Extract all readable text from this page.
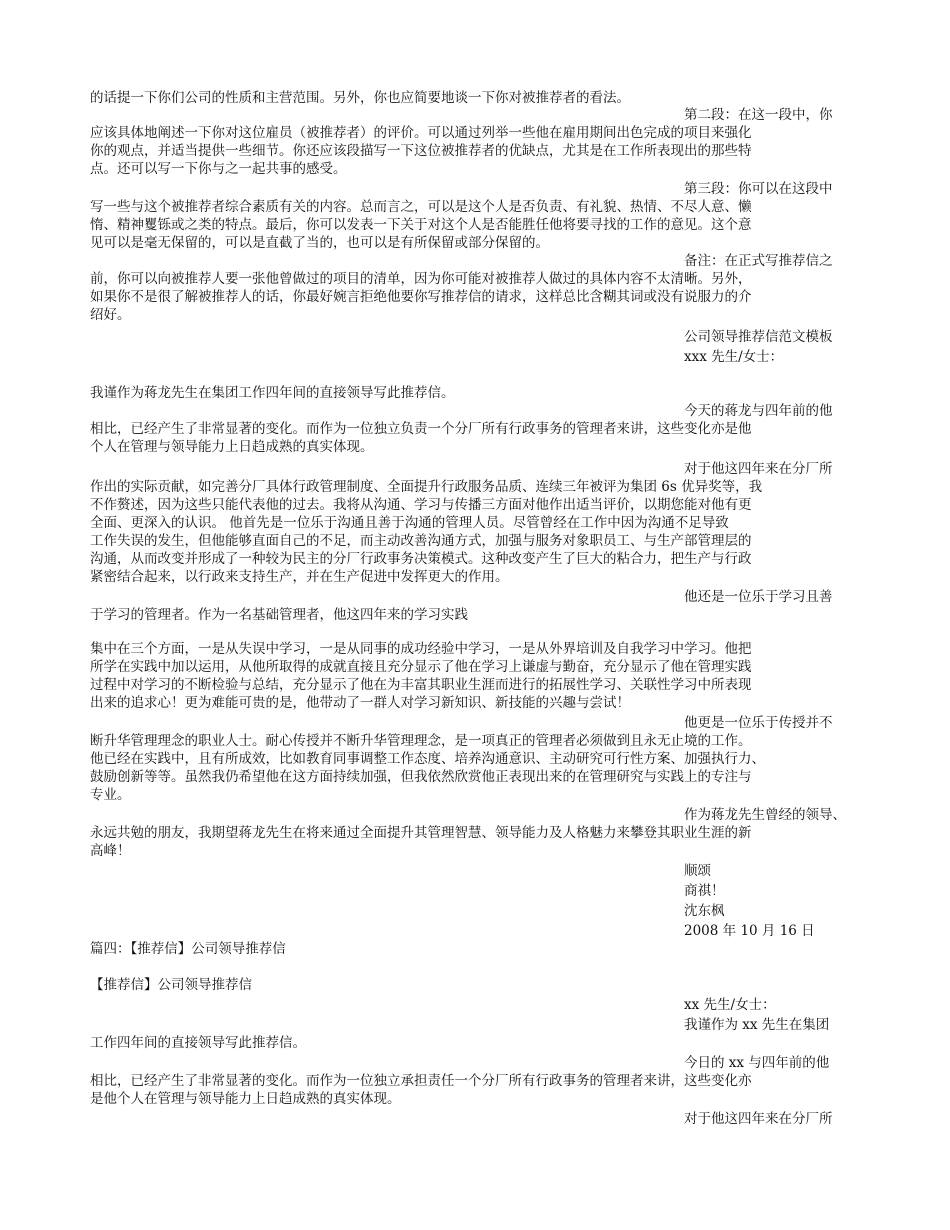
的话提一下你们公司的性质和主营范围。另外，你也应简要地谈一下你对被推荐者的看法。
第二段：在这一段中，你
应该具体地阐述一下你对这位雇员（被推荐者）的评价。可以通过列举一些他在雇用期间出色完成的项目来强化
你的观点，并适当提供一些细节。你还应该段描写一下这位被推荐者的优缺点，尤其是在工作所表现出的那些特
点。还可以写一下你与之一起共事的感受。
第三段：你可以在这段中
写一些与这个被推荐者综合素质有关的内容。总而言之，可以是这个人是否负责、有礼貌、热情、不尽人意、懒
惰、精神矍铄或之类的特点。最后，你可以发表一下关于对这个人是否能胜任他将要寻找的工作的意见。这个意
见可以是毫无保留的，可以是直截了当的，也可以是有所保留或部分保留的。
备注：在正式写推荐信之
前，你可以向被推荐人要一张他曾做过的项目的清单，因为你可能对被推荐人做过的具体内容不太清晰。另外，
如果你不是很了解被推荐人的话，你最好婉言拒绝他要你写推荐信的请求，这样总比含糊其词或没有说服力的介
绍好。
公司领导推荐信范文模板
xxx 先生/女士：
我谨作为蒋龙先生在集团工作四年间的直接领导写此推荐信。
今天的蒋龙与四年前的他
相比，已经产生了非常显著的变化。而作为一位独立负责一个分厂所有行政事务的管理者来讲，这些变化亦是他
个人在管理与领导能力上日趋成熟的真实体现。
对于他这四年来在分厂所
作出的实际贡献，如完善分厂具体行政管理制度、全面提升行政服务品质、连续三年被评为集团 6s 优异奖等，我
不作赘述，因为这些只能代表他的过去。我将从沟通、学习与传播三方面对他作出适当评价，以期您能对他有更
全面、更深入的认识。 他首先是一位乐于沟通且善于沟通的管理人员。尽管曾经在工作中因为沟通不足导致
工作失误的发生，但他能够直面自己的不足，而主动改善沟通方式，加强与服务对象职员工、与生产部管理层的
沟通，从而改变并形成了一种较为民主的分厂行政事务决策模式。这种改变产生了巨大的粘合力，把生产与行政
紧密结合起来，以行政来支持生产，并在生产促进中发挥更大的作用。
他还是一位乐于学习且善
于学习的管理者。作为一名基础管理者，他这四年来的学习实践
集中在三个方面，一是从失误中学习，一是从同事的成功经验中学习，一是从外界培训及自我学习中学习。他把
所学在实践中加以运用，从他所取得的成就直接且充分显示了他在学习上谦虚与勤奋，充分显示了他在管理实践
过程中对学习的不断检验与总结，充分显示了他在为丰富其职业生涯而进行的拓展性学习、关联性学习中所表现
出来的追求心！更为难能可贵的是，他带动了一群人对学习新知识、新技能的兴趣与尝试！
他更是一位乐于传授并不
断升华管理理念的职业人士。耐心传授并不断升华管理理念，是一项真正的管理者必须做到且永无止境的工作。
他已经在实践中，且有所成效，比如教育同事调整工作态度、培养沟通意识、主动研究可行性方案、加强执行力、
鼓励创新等等。虽然我仍希望他在这方面持续加强，但我依然欣赏他正表现出来的在管理研究与实践上的专注与
专业。
作为蒋龙先生曾经的领导、
永远共勉的朋友，我期望蒋龙先生在将来通过全面提升其管理智慧、领导能力及人格魅力来攀登其职业生涯的新
高峰！
顺颂
商祺！
沈东枫
2008 年 10 月 16 日
篇四：【推荐信】公司领导推荐信
【推荐信】公司领导推荐信
xx 先生/女士：
我谨作为 xx 先生在集团
工作四年间的直接领导写此推荐信。
今日的 xx 与四年前的他
相比，已经产生了非常显著的变化。而作为一位独立承担责任一个分厂所有行政事务的管理者来讲，这些变化亦
是他个人在管理与领导能力上日趋成熟的真实体现。
对于他这四年来在分厂所
